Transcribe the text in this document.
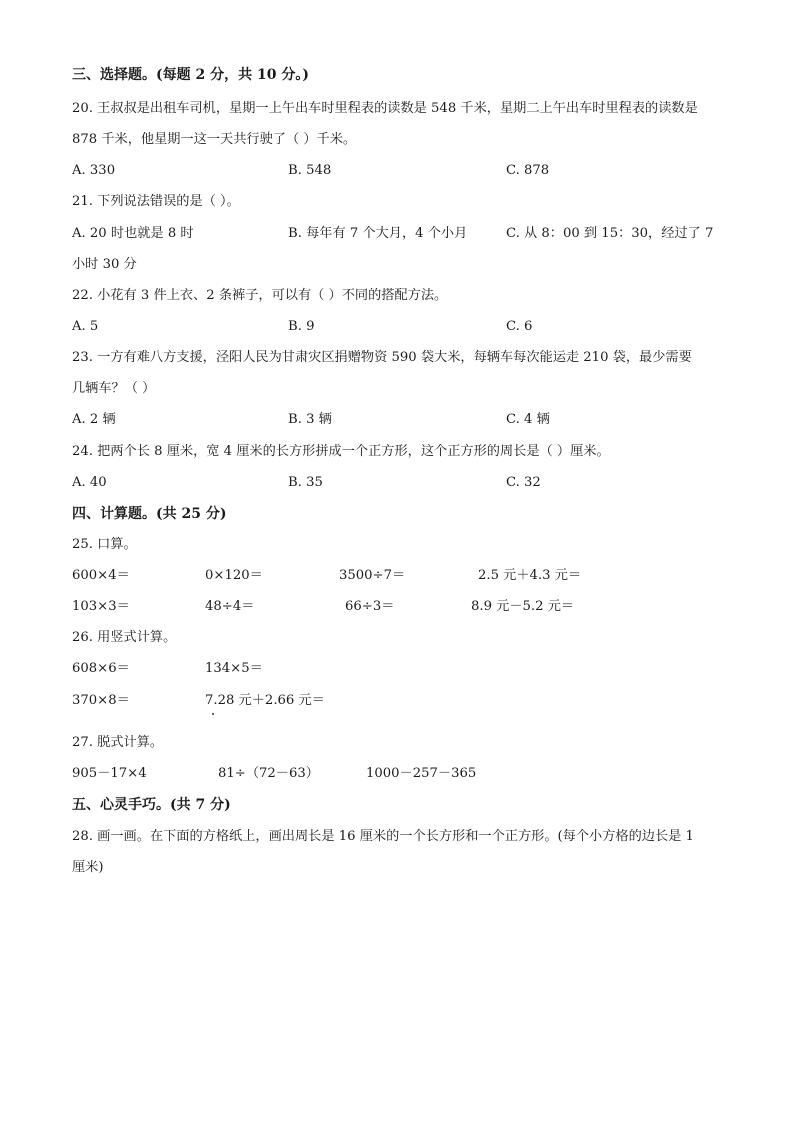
三、选择题。(每题 2 分，共 10 分。)
20. 王叔叔是出租车司机，星期一上午出车时里程表的读数是 548 千米，星期二上午出车时里程表的读数是
878 千米，他星期一这一天共行驶了（ ）千米。
A. 330	B. 548	C. 878
21. 下列说法错误的是（ ）。
A. 20 时也就是 8 时	B. 每年有 7 个大月，4 个小月	C. 从 8：00 到 15：30，经过了 7
小时 30 分
22. 小花有 3 件上衣、2 条裤子，可以有（ ）不同的搭配方法。
A. 5	B. 9	C. 6
23. 一方有难八方支援，泾阳人民为甘肃灾区捐赠物资 590 袋大米，每辆车每次能运走 210 袋，最少需要
几辆车？（ ）
A. 2 辆	B. 3 辆	C. 4 辆
24. 把两个长 8 厘米，宽 4 厘米的长方形拼成一个正方形，这个正方形的周长是（ ）厘米。
A. 40	B. 35	C. 32
四、计算题。(共 25 分)
25. 口算。
600×4＝	0×120＝	3500÷7＝	2.5 元＋4.3 元＝
103×3＝	48÷4＝	66÷3＝	8.9 元－5.2 元＝
26. 用竖式计算。
608×6＝	134×5＝
370×8＝	7.28 元＋2.66 元＝
27. 脱式计算。
905－17×4	81÷（72－63）	1000－257－365
五、心灵手巧。(共 7 分)
28. 画一画。在下面的方格纸上，画出周长是 16 厘米的一个长方形和一个正方形。(每个小方格的边长是 1
厘米)
